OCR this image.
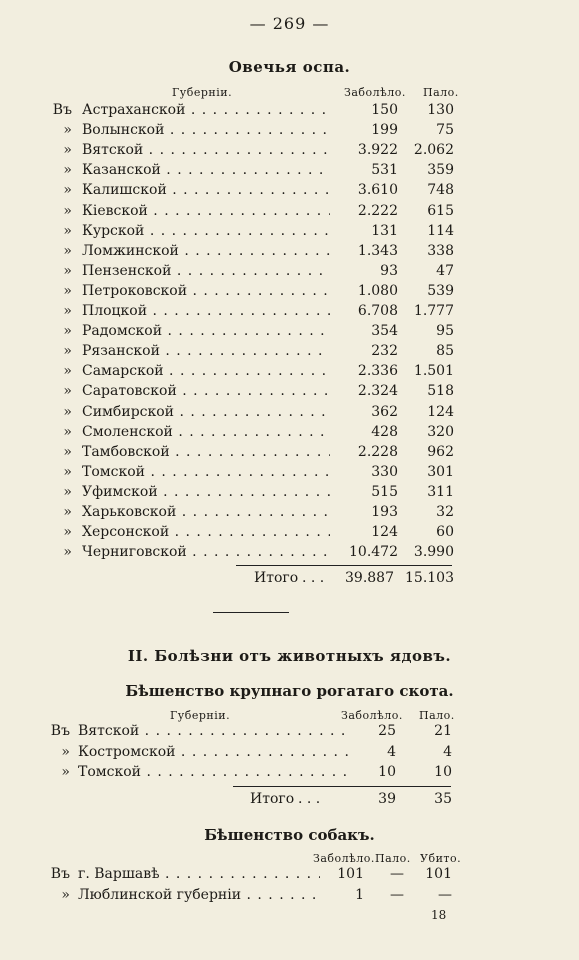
— 269 —
Овечья оспа.
Губерніи.	Заболѣло. Пало.
Въ Астраханской . . .	150	130
» Волынской . . .	199	75
» Вятской . . .	3.922	2.062
» Казанской . . .	531	359
» Калишской . . .	3.610	748
» Кіевской . . .	2.222	615
» Курской . . .	131	114
» Ломжинской . . .	1.343	338
» Пензенской . . .	93	47
» Петроковской . . .	1.080	539
» Плоцкой . . .	6.708	1.777
» Радомской . . .	354	95
» Рязанской . . .	232	85
» Самарской . . .	2.336	1.501
» Саратовской . . .	2.324	518
» Симбирской . . .	362	124
» Смоленской . . .	428	320
» Тамбовской . . .	2.228	962
» Томской . . .	330	301
» Уфимской . . .	515	311
» Харьковской . . .	193	32
» Херсонской . . .	124	60
» Черниговской . . .	10.472	3.990
Итого . . .	39.887 15.103
II. Болѣзни отъ животныхъ ядовъ.
Бѣшенство крупнаго рогатаго скота.
Губерніи.	Заболѣло. Пало.
Въ Вятской . . .	25	21
» Костромской . . .	4	4
» Томской . . .	10	10
Итого . . .	39	35
Бѣшенство собакъ.
Заболѣло. Пало. Убито.
Въ г. Варшавѣ . . .	101	—	101
» Люблинской губерніи . . .	1	—	—
18
